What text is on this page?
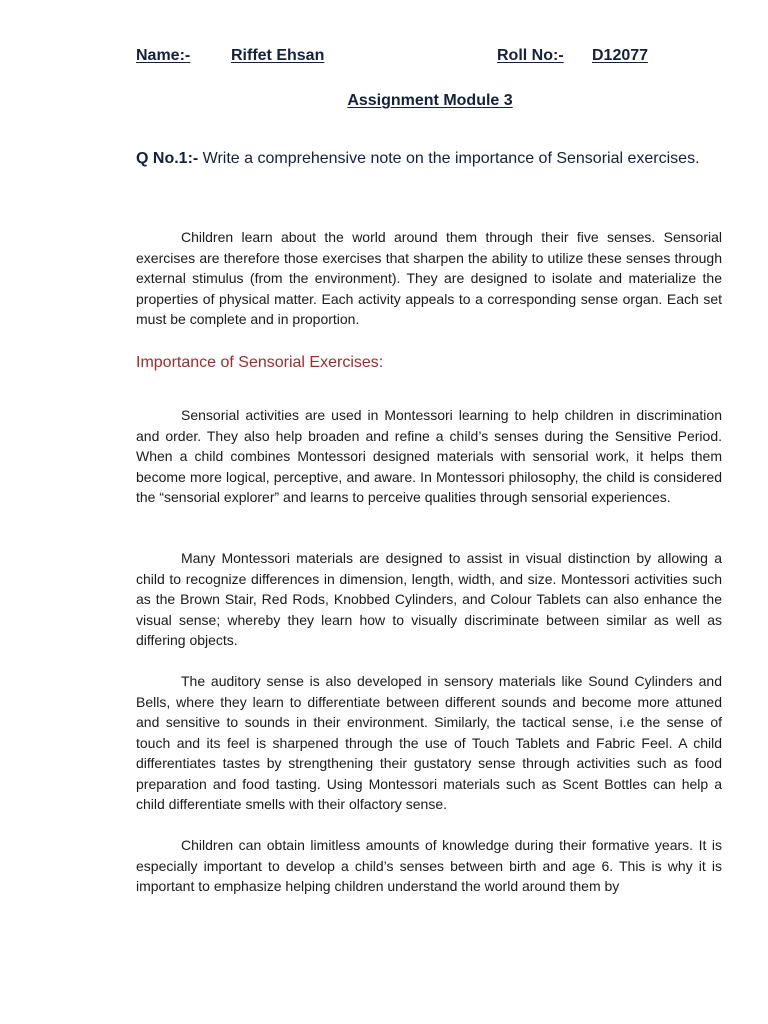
Name:-	Riffet Ehsan	Roll No:- D12077
Assignment Module 3
Q No.1:- Write a comprehensive note on the importance of Sensorial exercises.
Children learn about the world around them through their five senses. Sensorial exercises are therefore those exercises that sharpen the ability to utilize these senses through external stimulus (from the environment). They are designed to isolate and materialize the properties of physical matter. Each activity appeals to a corresponding sense organ. Each set must be complete and in proportion.
Importance of Sensorial Exercises:
Sensorial activities are used in Montessori learning to help children in discrimination and order. They also help broaden and refine a child’s senses during the Sensitive Period. When a child combines Montessori designed materials with sensorial work, it helps them become more logical, perceptive, and aware. In Montessori philosophy, the child is considered the “sensorial explorer” and learns to perceive qualities through sensorial experiences.
Many Montessori materials are designed to assist in visual distinction by allowing a child to recognize differences in dimension, length, width, and size. Montessori activities such as the Brown Stair, Red Rods, Knobbed Cylinders, and Colour Tablets can also enhance the visual sense; whereby they learn how to visually discriminate between similar as well as differing objects.
The auditory sense is also developed in sensory materials like Sound Cylinders and Bells, where they learn to differentiate between different sounds and become more attuned and sensitive to sounds in their environment. Similarly, the tactical sense, i.e the sense of touch and its feel is sharpened through the use of Touch Tablets and Fabric Feel. A child differentiates tastes by strengthening their gustatory sense through activities such as food preparation and food tasting. Using Montessori materials such as Scent Bottles can help a child differentiate smells with their olfactory sense.
Children can obtain limitless amounts of knowledge during their formative years. It is especially important to develop a child’s senses between birth and age 6. This is why it is important to emphasize helping children understand the world around them by
